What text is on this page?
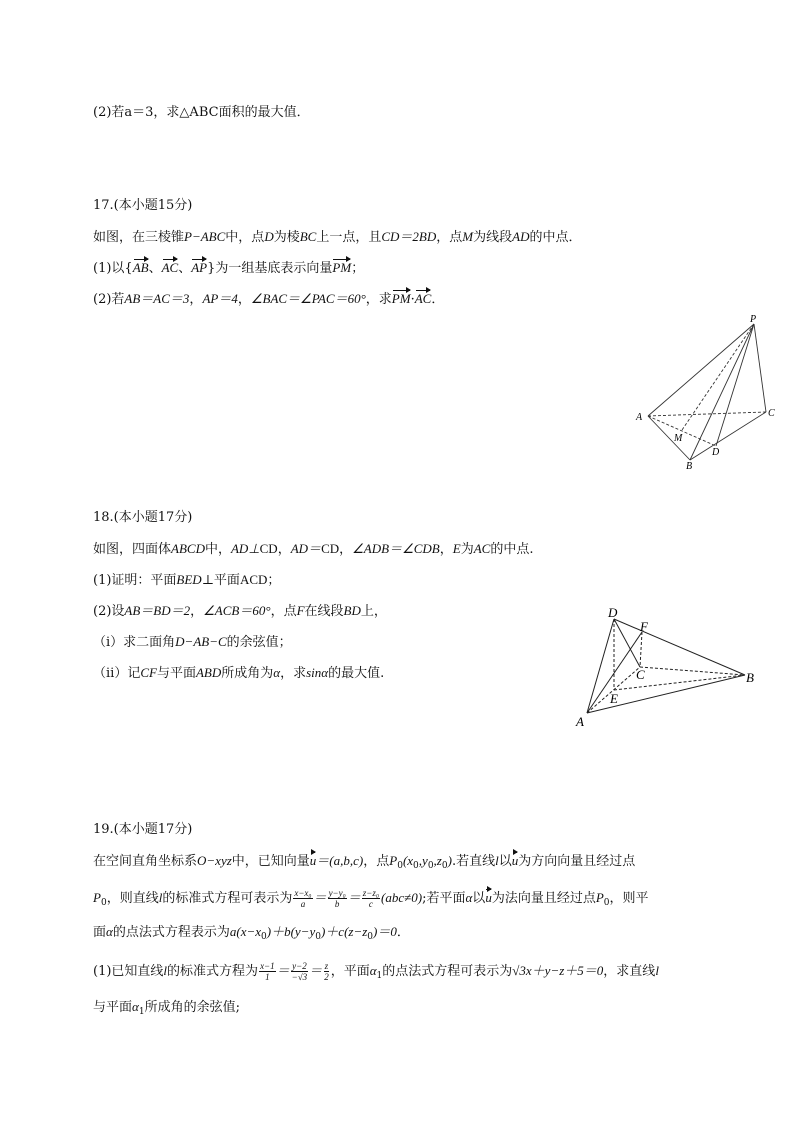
(2)若a＝3，求△ABC面积的最大值．
17.(本小题15分)
如图，在三棱锥P−ABC中，点D为棱BC上一点，且CD＝2BD，点M为线段AD的中点．
(1)以{AB、AC、AP}为一组基底表示向量PM；
(2)若AB＝AC＝3，AP＝4，∠BAC＝∠PAC＝60°，求PM·AC．
P
A	C
M
B
D
18.(本小题17分)
如图，四面体ABCD中，AD⊥CD，AD＝CD，∠ADB＝∠CDB，E为AC的中点.
(1)证明：平面BED⊥平面ACD；
(2)设AB＝BD＝2，∠ACB＝60°，点F在线段BD上，
（i）求二面角D−AB−C的余弦值；
（ⅱ）记CF与平面ABD所成角为α，求sinα的最大值.
D
F
C	B
E
A
19.(本小题17分)
在空间直角坐标系O−xyz中，已知向量u＝(a,b,c)，点$P_0(x_0,y_0,z_0)$.若直线l以u为方向向量且经过点
$P_0$，则直线l的标准式方程可表示为 $\frac{\text{x−x₀}}{a} = \frac{\text{y−y₀}}{b} = \frac{\text{z−z₀}}{c} (abc\ne 0)$;若平面α以u为法向量且经过点$P_0$，则平
面α的点法式方程表示为$a(x-x_0)+b(y-y_0)+c(z-z_0)=0$．
(1)已知直线l的标准式方程为 $\frac{x-1}{1} = \frac{y-2}{-√3} = \frac{z}{2}$ ，平面$\alpha_1$的点法式方程可表示为√3x＋y−z＋5＝0，求直线l
与平面$\alpha_1$所成角的余弦值;
